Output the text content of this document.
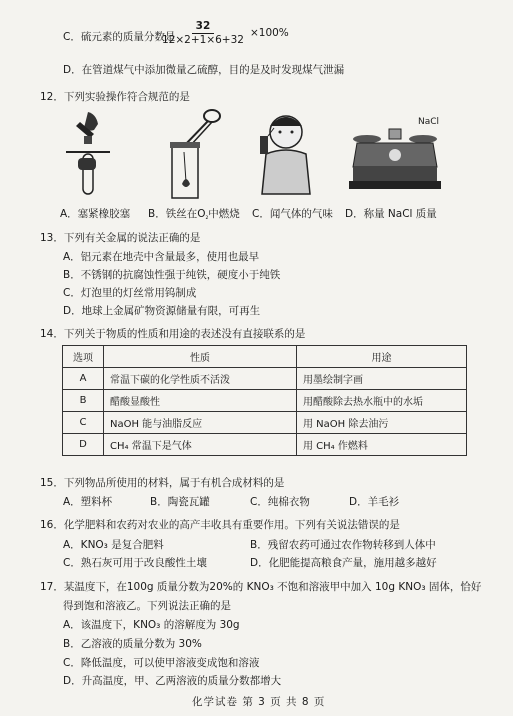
C．硫元素的质量分数是
$\frac{32}{12\times 2+1\times 6+32} \times 100\%$
D．在管道煤气中添加微量乙硫醇，目的是及时发现煤气泄漏
12．下列实验操作符合规范的是
NaCl
A．塞紧橡胶塞 B．铁丝在$O_{_2}$中燃烧 C．闻气体的气味 D．称量 NaCl 质量
13．下列有关金属的说法正确的是
A．铝元素在地壳中含量最多，使用也最早
B．不锈钢的抗腐蚀性强于纯铁，硬度小于纯铁
C．灯泡里的灯丝常用钨制成
D．地球上金属矿物资源储量有限，可再生
14．下列关于物质的性质和用途的表述没有直接联系的是
选项	性质	用途
A	常温下碳的化学性质不活泼	用墨绘制字画
B	醋酸显酸性	用醋酸除去热水瓶中的水垢
C	NaOH 能与油脂反应	用 NaOH 除去油污
D	CH₄ 常温下是气体	用 CH₄ 作燃料
15．下列物品所使用的材料，属于有机合成材料的是
A．塑料杯	B．陶瓷瓦罐	C．纯棉衣物	D．羊毛衫
16．化学肥料和农药对农业的高产丰收具有重要作用。下列有关说法错误的是
A．KNO₃ 是复合肥料	B．残留农药可通过农作物转移到人体中
C．熟石灰可用于改良酸性土壤	D．化肥能提高粮食产量，施用越多越好
17．某温度下，在100g 质量分数为20%的 KNO₃ 不饱和溶液甲中加入 10g KNO₃ 固体，恰好
得到饱和溶液乙。下列说法正确的是
A．该温度下，KNO₃ 的溶解度为 30g
B．乙溶液的质量分数为 30%
C．降低温度，可以使甲溶液变成饱和溶液
D．升高温度，甲、乙两溶液的质量分数都增大
化学试卷 第 3 页 共 8 页
